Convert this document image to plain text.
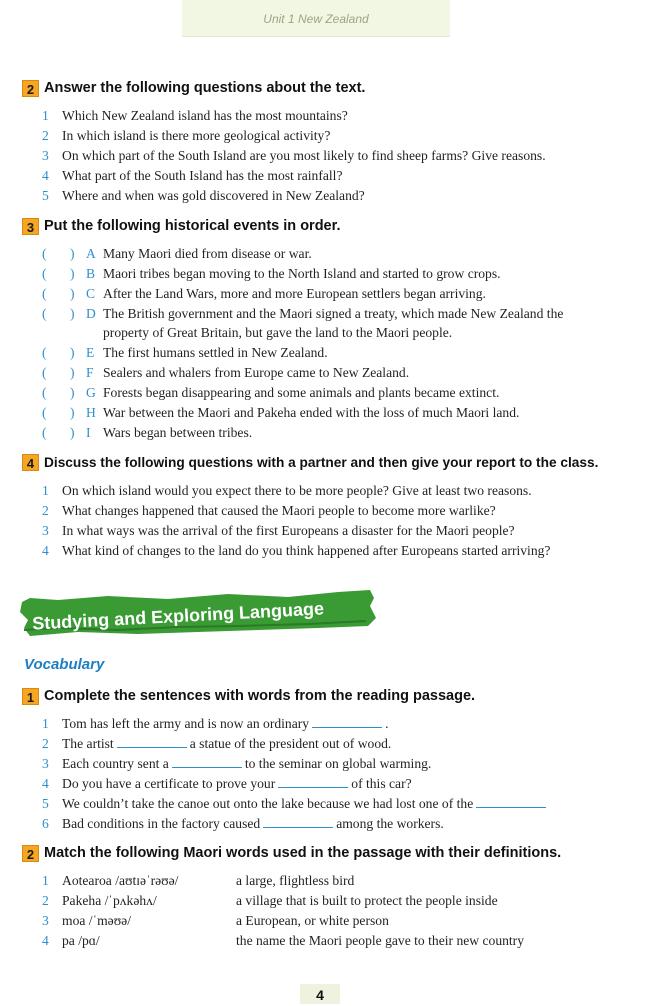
Unit 1 New Zealand
2 Answer the following questions about the text.
1 Which New Zealand island has the most mountains?
2 In which island is there more geological activity?
3 On which part of the South Island are you most likely to find sheep farms? Give reasons.
4 What part of the South Island has the most rainfall?
5 Where and when was gold discovered in New Zealand?
3 Put the following historical events in order.
( ) A Many Maori died from disease or war.
( ) B Maori tribes began moving to the North Island and started to grow crops.
( ) C After the Land Wars, more and more European settlers began arriving.
( ) D The British government and the Maori signed a treaty, which made New Zealand the
property of Great Britain, but gave the land to the Maori people.
( ) E The first humans settled in New Zealand.
( ) F Sealers and whalers from Europe came to New Zealand.
( ) G Forests began disappearing and some animals and plants became extinct.
( ) H War between the Maori and Pakeha ended with the loss of much Maori land.
( ) I Wars began between tribes.
4 Discuss the following questions with a partner and then give your report to the class.
1 On which island would you expect there to be more people? Give at least two reasons.
2 What changes happened that caused the Maori people to become more warlike?
3 In what ways was the arrival of the first Europeans a disaster for the Maori people?
4 What kind of changes to the land do you think happened after Europeans started arriving?
Studying and Exploring Language
Vocabulary
1 Complete the sentences with words from the reading passage.
1 Tom has left the army and is now an ordinary	.
2 The artist	a statue of the president out of wood.
3 Each country sent a	to the seminar on global warming.
4 Do you have a certificate to prove your	of this car?
5 We couldn’t take the canoe out onto the lake because we had lost one of the
6 Bad conditions in the factory caused	among the workers.
2 Match the following Maori words used in the passage with their definitions.
1 Aotearoa /aʊtɪəˈrəʊə/	a large, flightless bird
2 Pakeha /ˈpʌkəhʌ/	a village that is built to protect the people inside
3 moa /ˈməʊə/	a European, or white person
4 pa /pɑ/	the name the Maori people gave to their new country
4
